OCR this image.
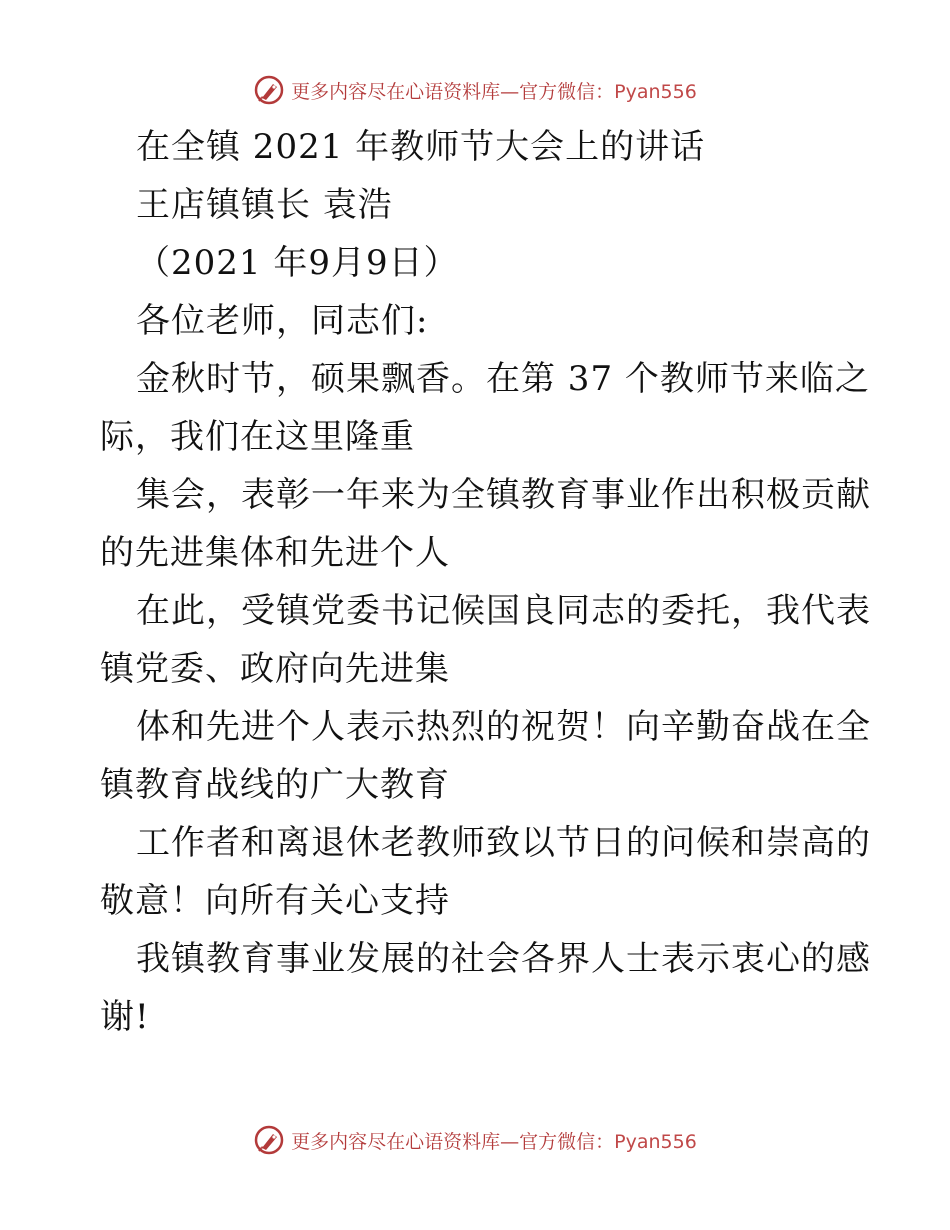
更多内容尽在心语资料库—官方微信：Pyan556
在全镇 2021 年教师节大会上的讲话
王店镇镇长 袁浩
（2021 年9月9日）
各位老师，同志们:
金秋时节，硕果飘香。在第 37 个教师节来临之
际，我们在这里隆重
集会，表彰一年来为全镇教育事业作出积极贡献
的先进集体和先进个人
在此，受镇党委书记候国良同志的委托，我代表
镇党委、政府向先进集
体和先进个人表示热烈的祝贺！向辛勤奋战在全
镇教育战线的广大教育
工作者和离退休老教师致以节日的问候和崇高的
敬意！向所有关心支持
我镇教育事业发展的社会各界人士表示衷心的感
谢!
更多内容尽在心语资料库—官方微信：Pyan556
